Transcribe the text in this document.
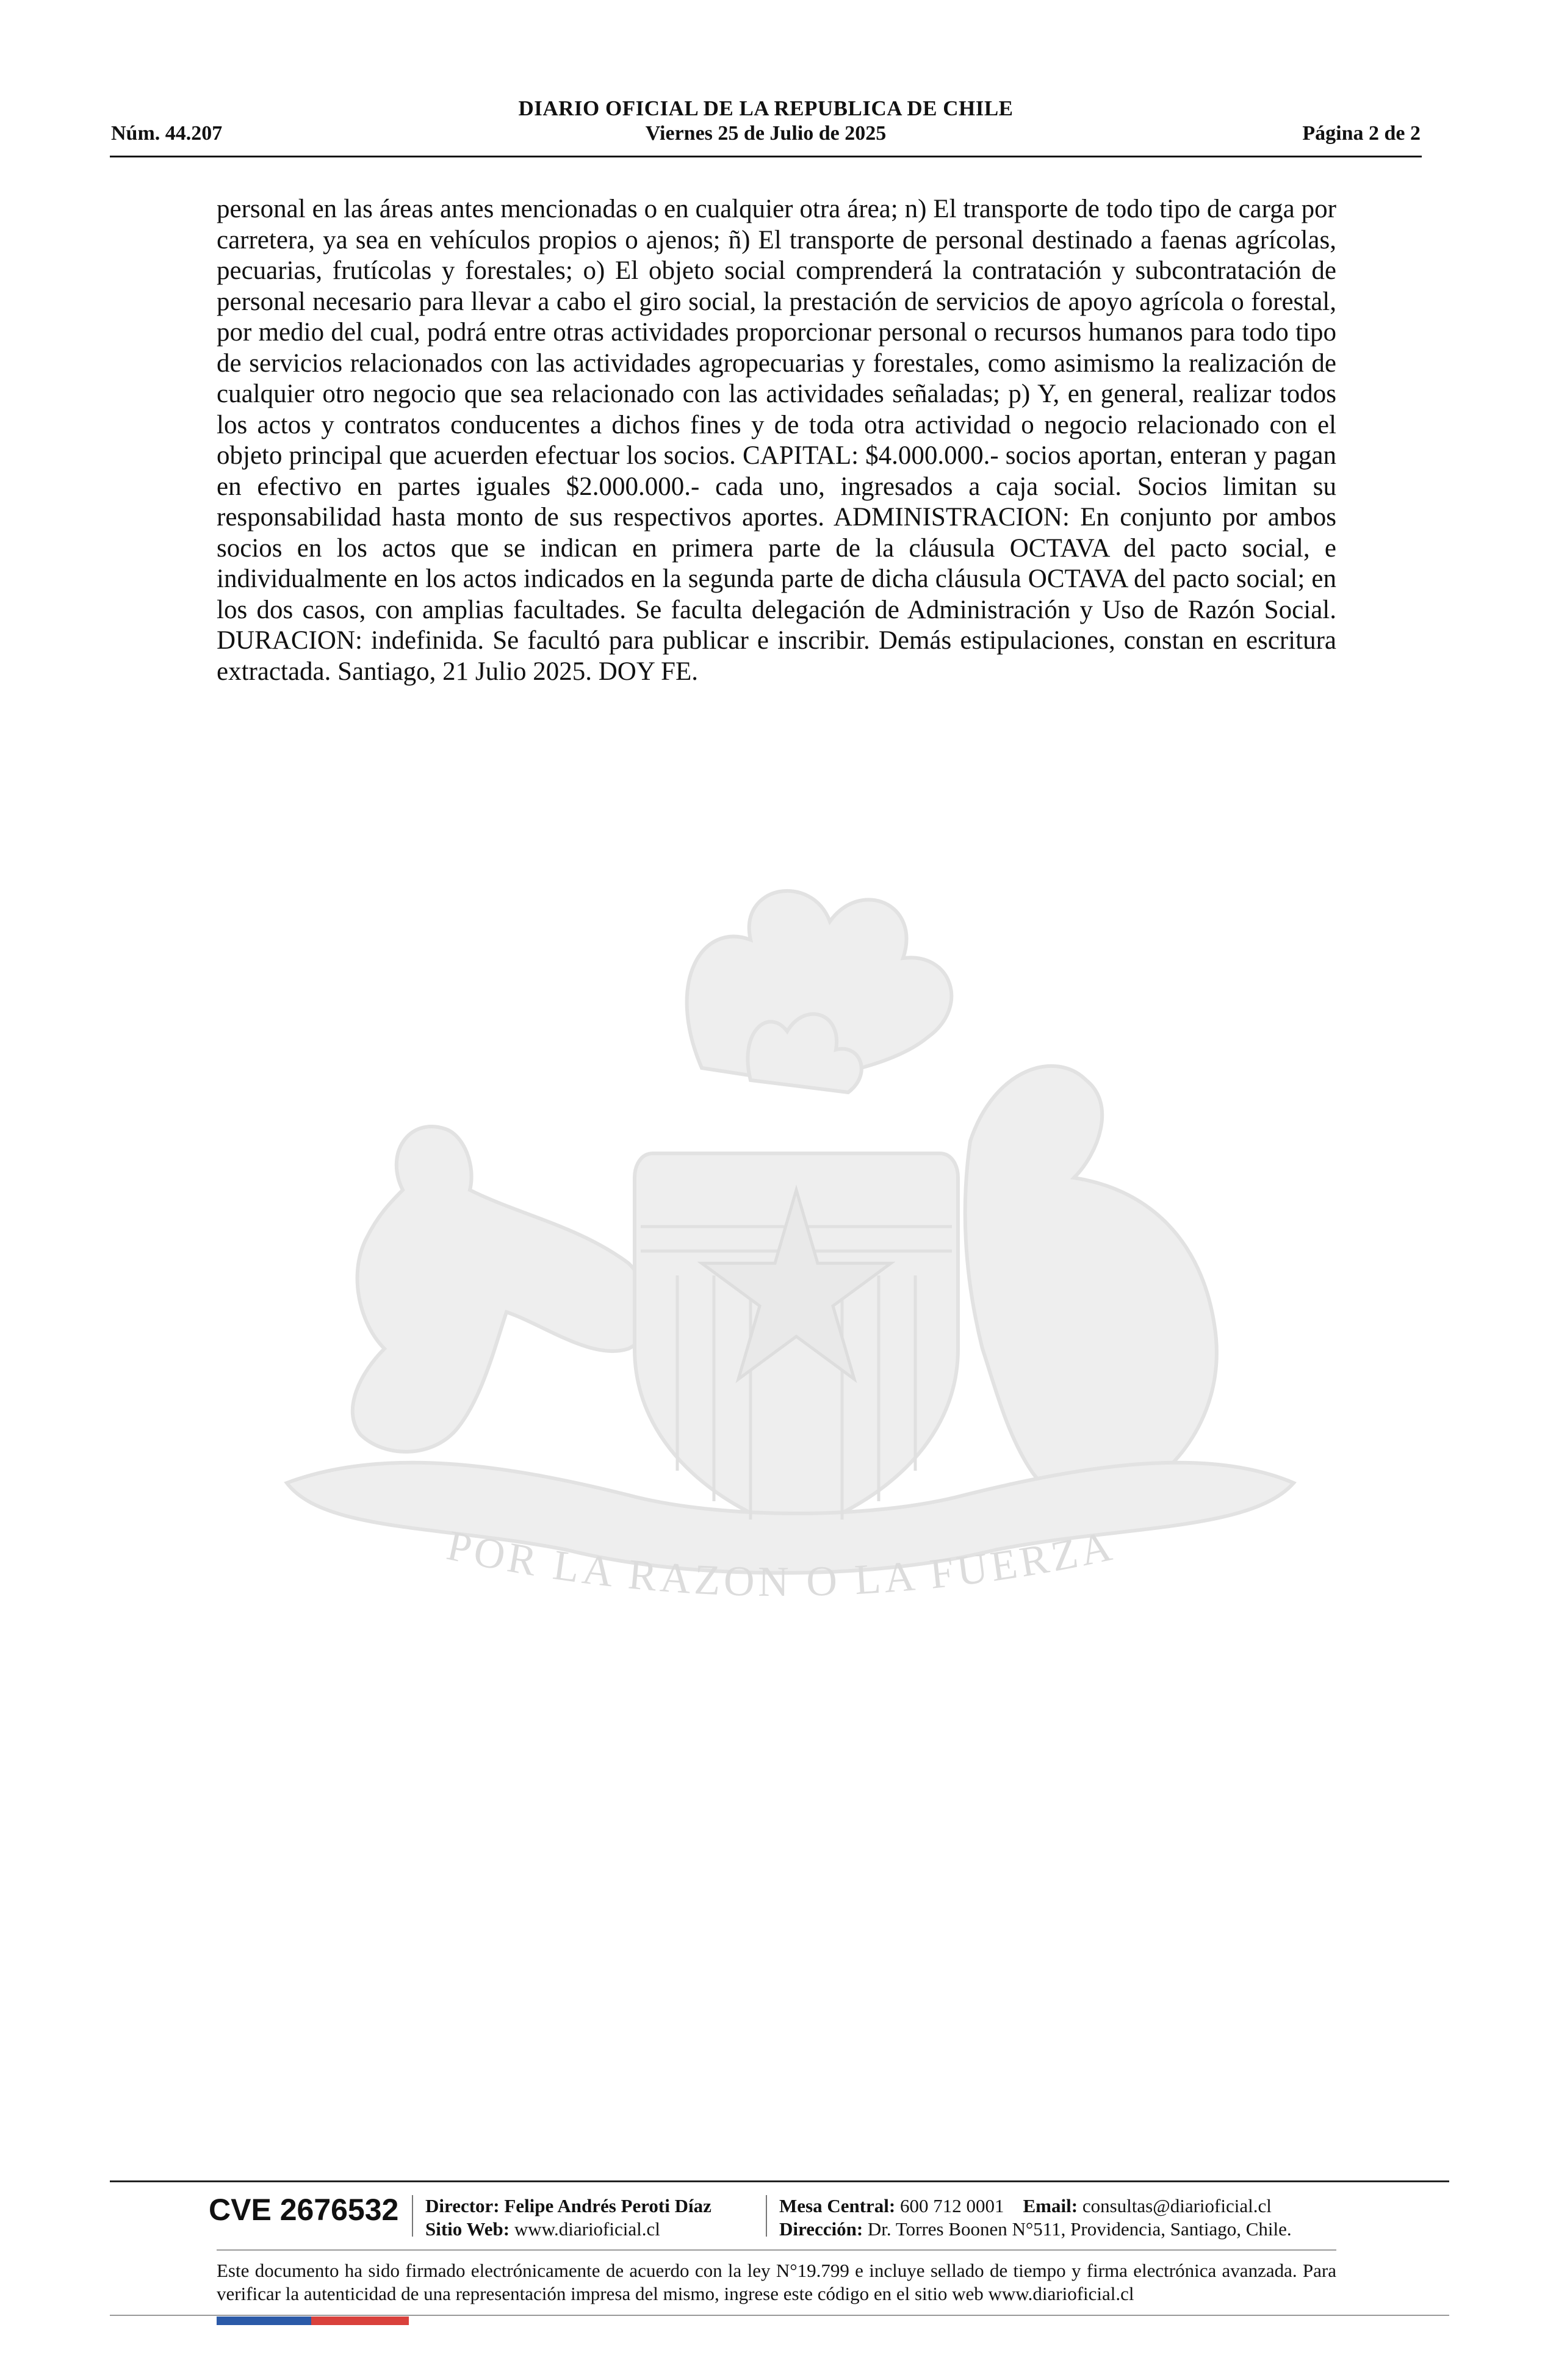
DIARIO OFICIAL DE LA REPUBLICA DE CHILE
Núm. 44.207	Viernes 25 de Julio de 2025	Página 2 de 2
personal en las áreas antes mencionadas o en cualquier otra área; n) El transporte de todo tipo de carga por carretera, ya sea en vehículos propios o ajenos; ñ) El transporte de personal destinado a faenas agrícolas, pecuarias, frutícolas y forestales; o) El objeto social comprenderá la contratación y subcontratación de personal necesario para llevar a cabo el giro social, la prestación de servicios de apoyo agrícola o forestal, por medio del cual, podrá entre otras actividades proporcionar personal o recursos humanos para todo tipo de servicios relacionados con las actividades agropecuarias y forestales, como asimismo la realización de cualquier otro negocio que sea relacionado con las actividades señaladas; p) Y, en general, realizar todos los actos y contratos conducentes a dichos fines y de toda otra actividad o negocio relacionado con el objeto principal que acuerden efectuar los socios. CAPITAL: $4.000.000.- socios aportan, enteran y pagan en efectivo en partes iguales $2.000.000.- cada uno, ingresados a caja social. Socios limitan su responsabilidad hasta monto de sus respectivos aportes. ADMINISTRACION: En conjunto por ambos socios en los actos que se indican en primera parte de la cláusula OCTAVA del pacto social, e individualmente en los actos indicados en la segunda parte de dicha cláusula OCTAVA del pacto social; en los dos casos, con amplias facultades. Se faculta delegación de Administración y Uso de Razón Social. DURACION: indefinida. Se facultó para publicar e inscribir. Demás estipulaciones, constan en escritura extractada. Santiago, 21 Julio 2025. DOY FE.
POR LA RAZON O LA FUERZA
CVE 2676532 Director: Felipe Andrés Peroti Díaz
Sitio Web: www.diarioficial.cl
Mesa Central: 600 712 0001 Email: consultas@diarioficial.cl
Dirección: Dr. Torres Boonen N°511, Providencia, Santiago, Chile.
Este documento ha sido firmado electrónicamente de acuerdo con la ley N°19.799 e incluye sellado de tiempo y firma electrónica avanzada. Para verificar la autenticidad de una representación impresa del mismo, ingrese este código en el sitio web www.diarioficial.cl
